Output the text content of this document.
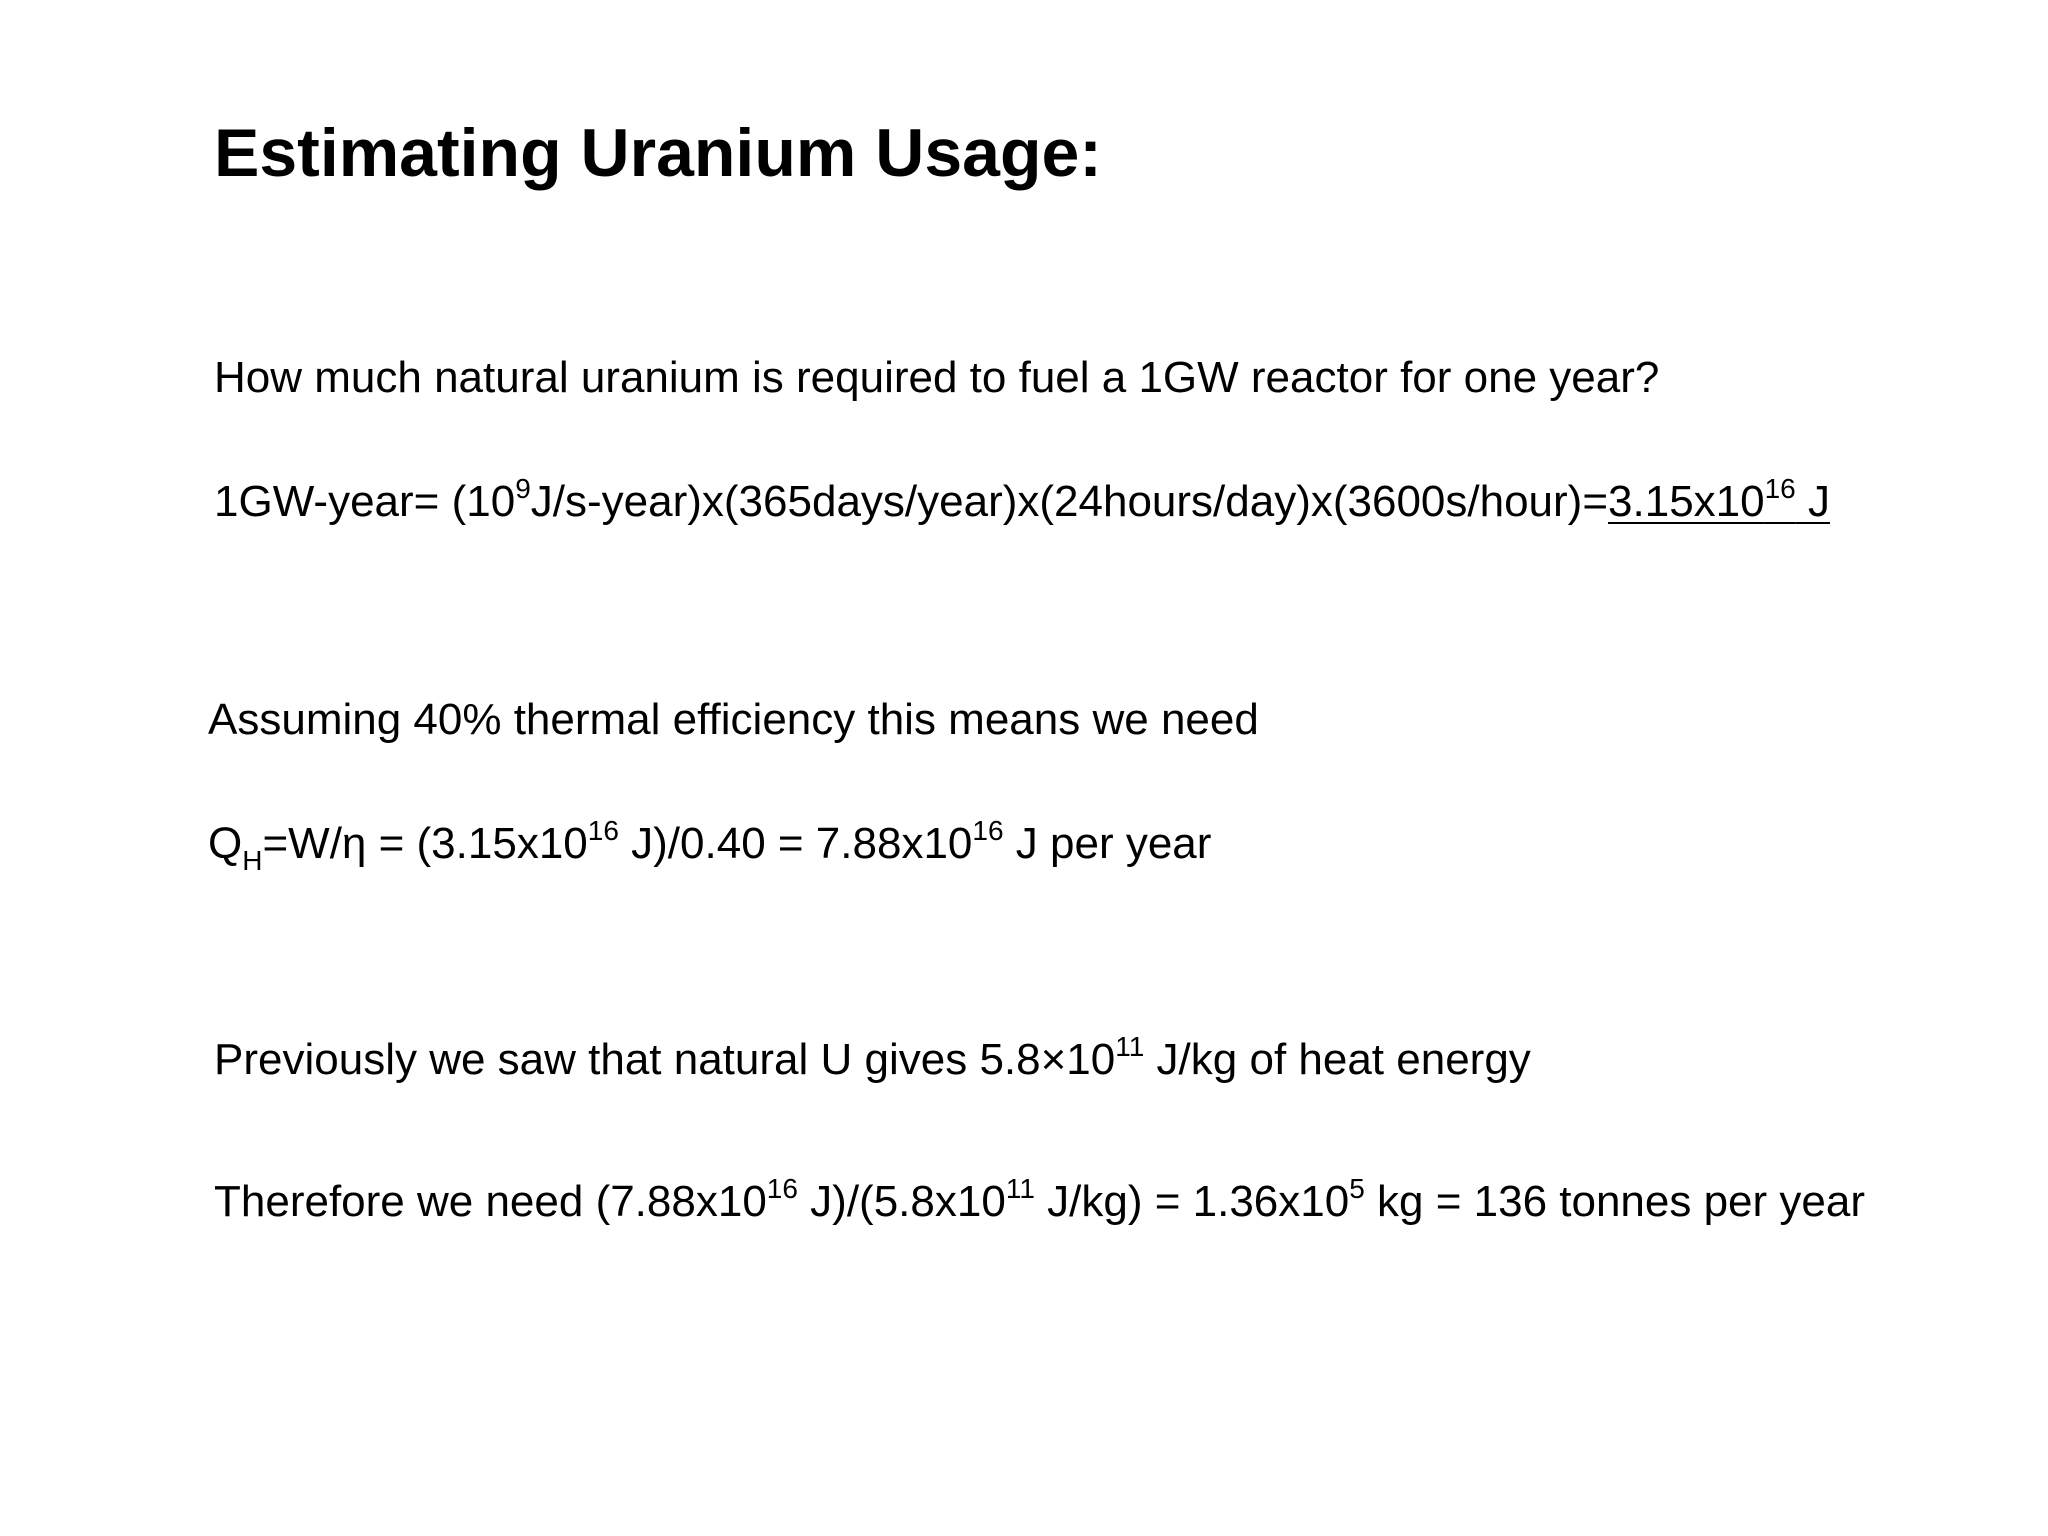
Estimating Uranium Usage:
How much natural uranium is required to fuel a 1GW reactor for one year?
1GW-year= $(10^9J/s-year)x(365days/year)x(24hours/day)x(3600s/hour)=3.15x10^{16}$ J
Assuming 40% thermal efficiency this means we need
$Q_H=W/\eta = (3.15x10^{16}$ $J)/0.40 = 7.88x10^{16}$ J per year
Previously we saw that natural U gives $5.8\times 10^{11}$ J/kg of heat energy
Therefore we need ($7.88x10^{16}$ $J)/(5.8x10^{11}$ $J/kg) = 1.36x10^5$ kg = 136 tonnes per year
